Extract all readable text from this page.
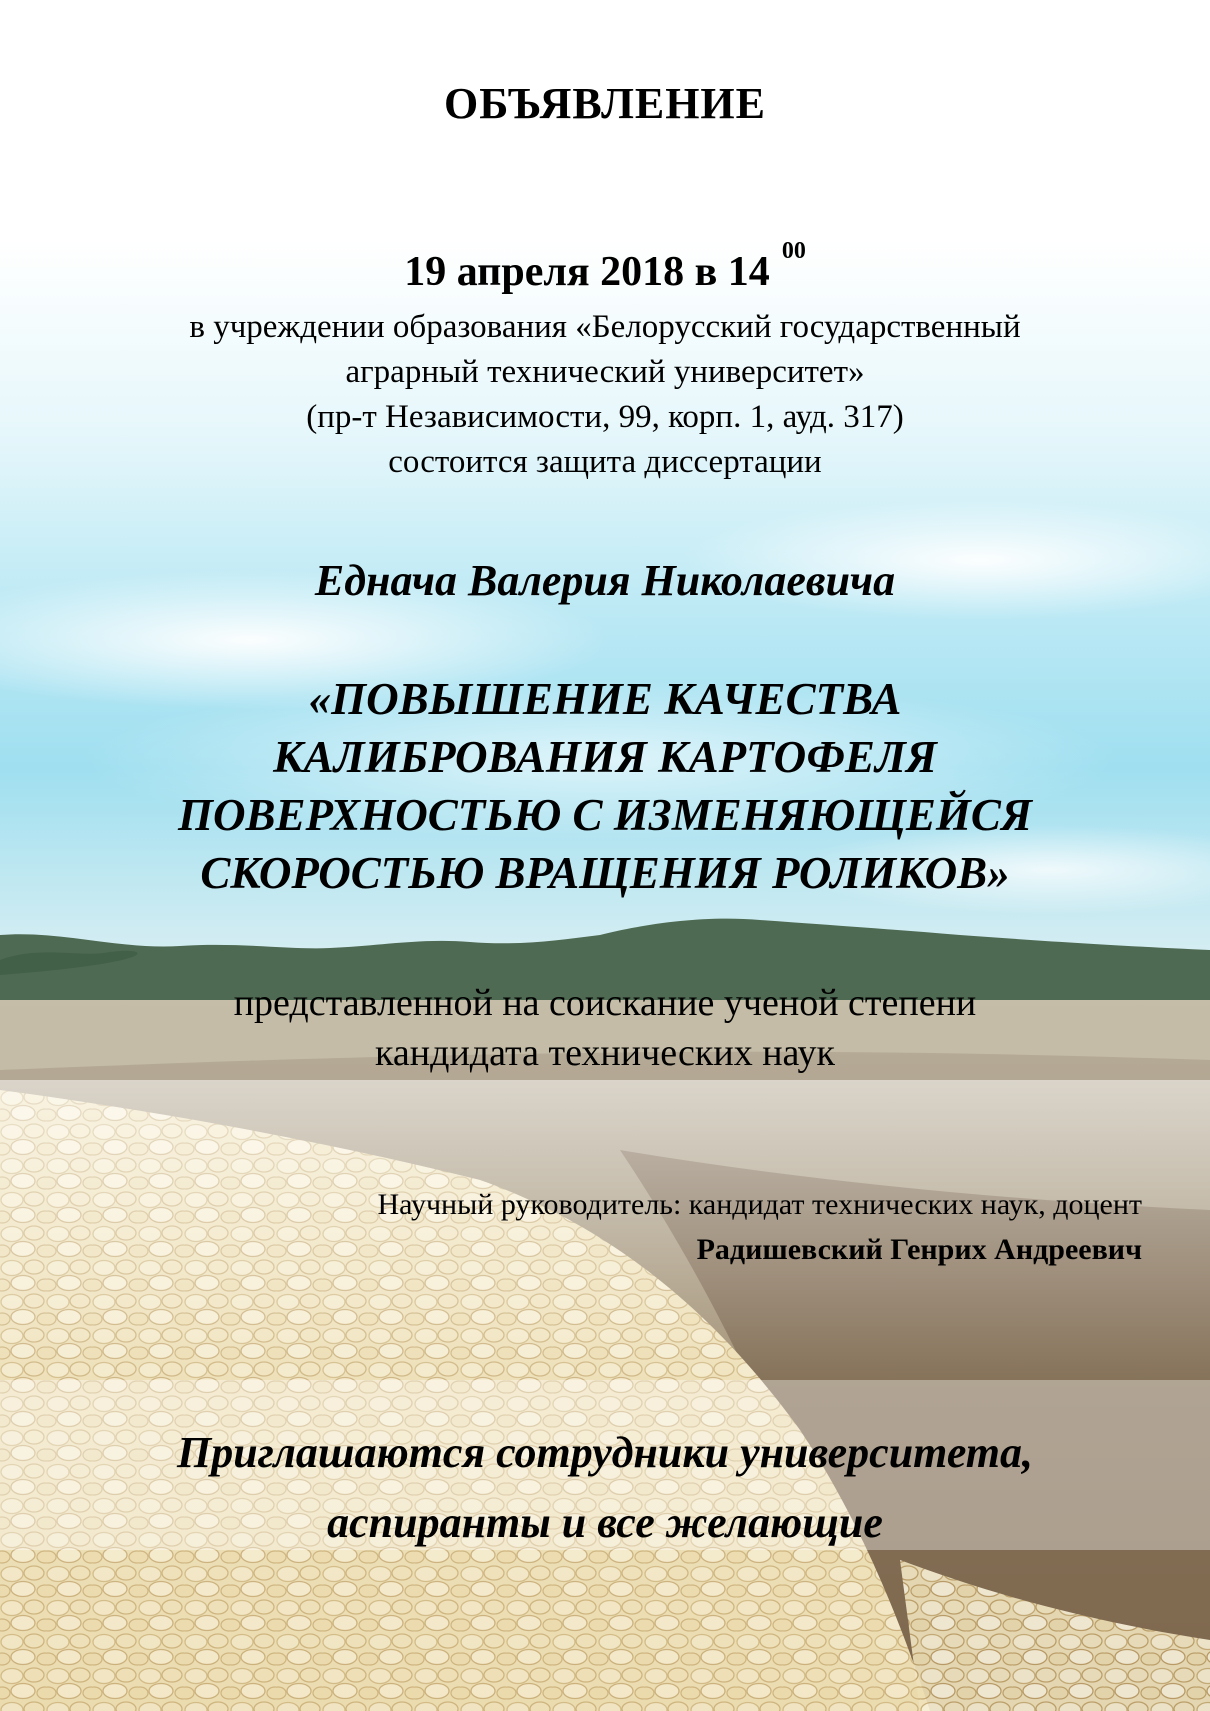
ОБЪЯВЛЕНИЕ
19 апреля 2018 в 14 $^{00}$
в учреждении образования «Белорусский государственный
аграрный технический университет»
(пр-т Независимости, 99, корп. 1, ауд. 317)
состоится защита диссертации
Еднача Валерия Николаевича
«ПОВЫШЕНИЕ КАЧЕСТВА
КАЛИБРОВАНИЯ КАРТОФЕЛЯ
ПОВЕРХНОСТЬЮ С ИЗМЕНЯЮЩЕЙСЯ
СКОРОСТЬЮ ВРАЩЕНИЯ РОЛИКОВ»
представленной на соискание ученой степени
кандидата технических наук
Научный руководитель: кандидат технических наук, доцент
Радишевский Генрих Андреевич
Приглашаются сотрудники университета,
аспиранты и все желающие
